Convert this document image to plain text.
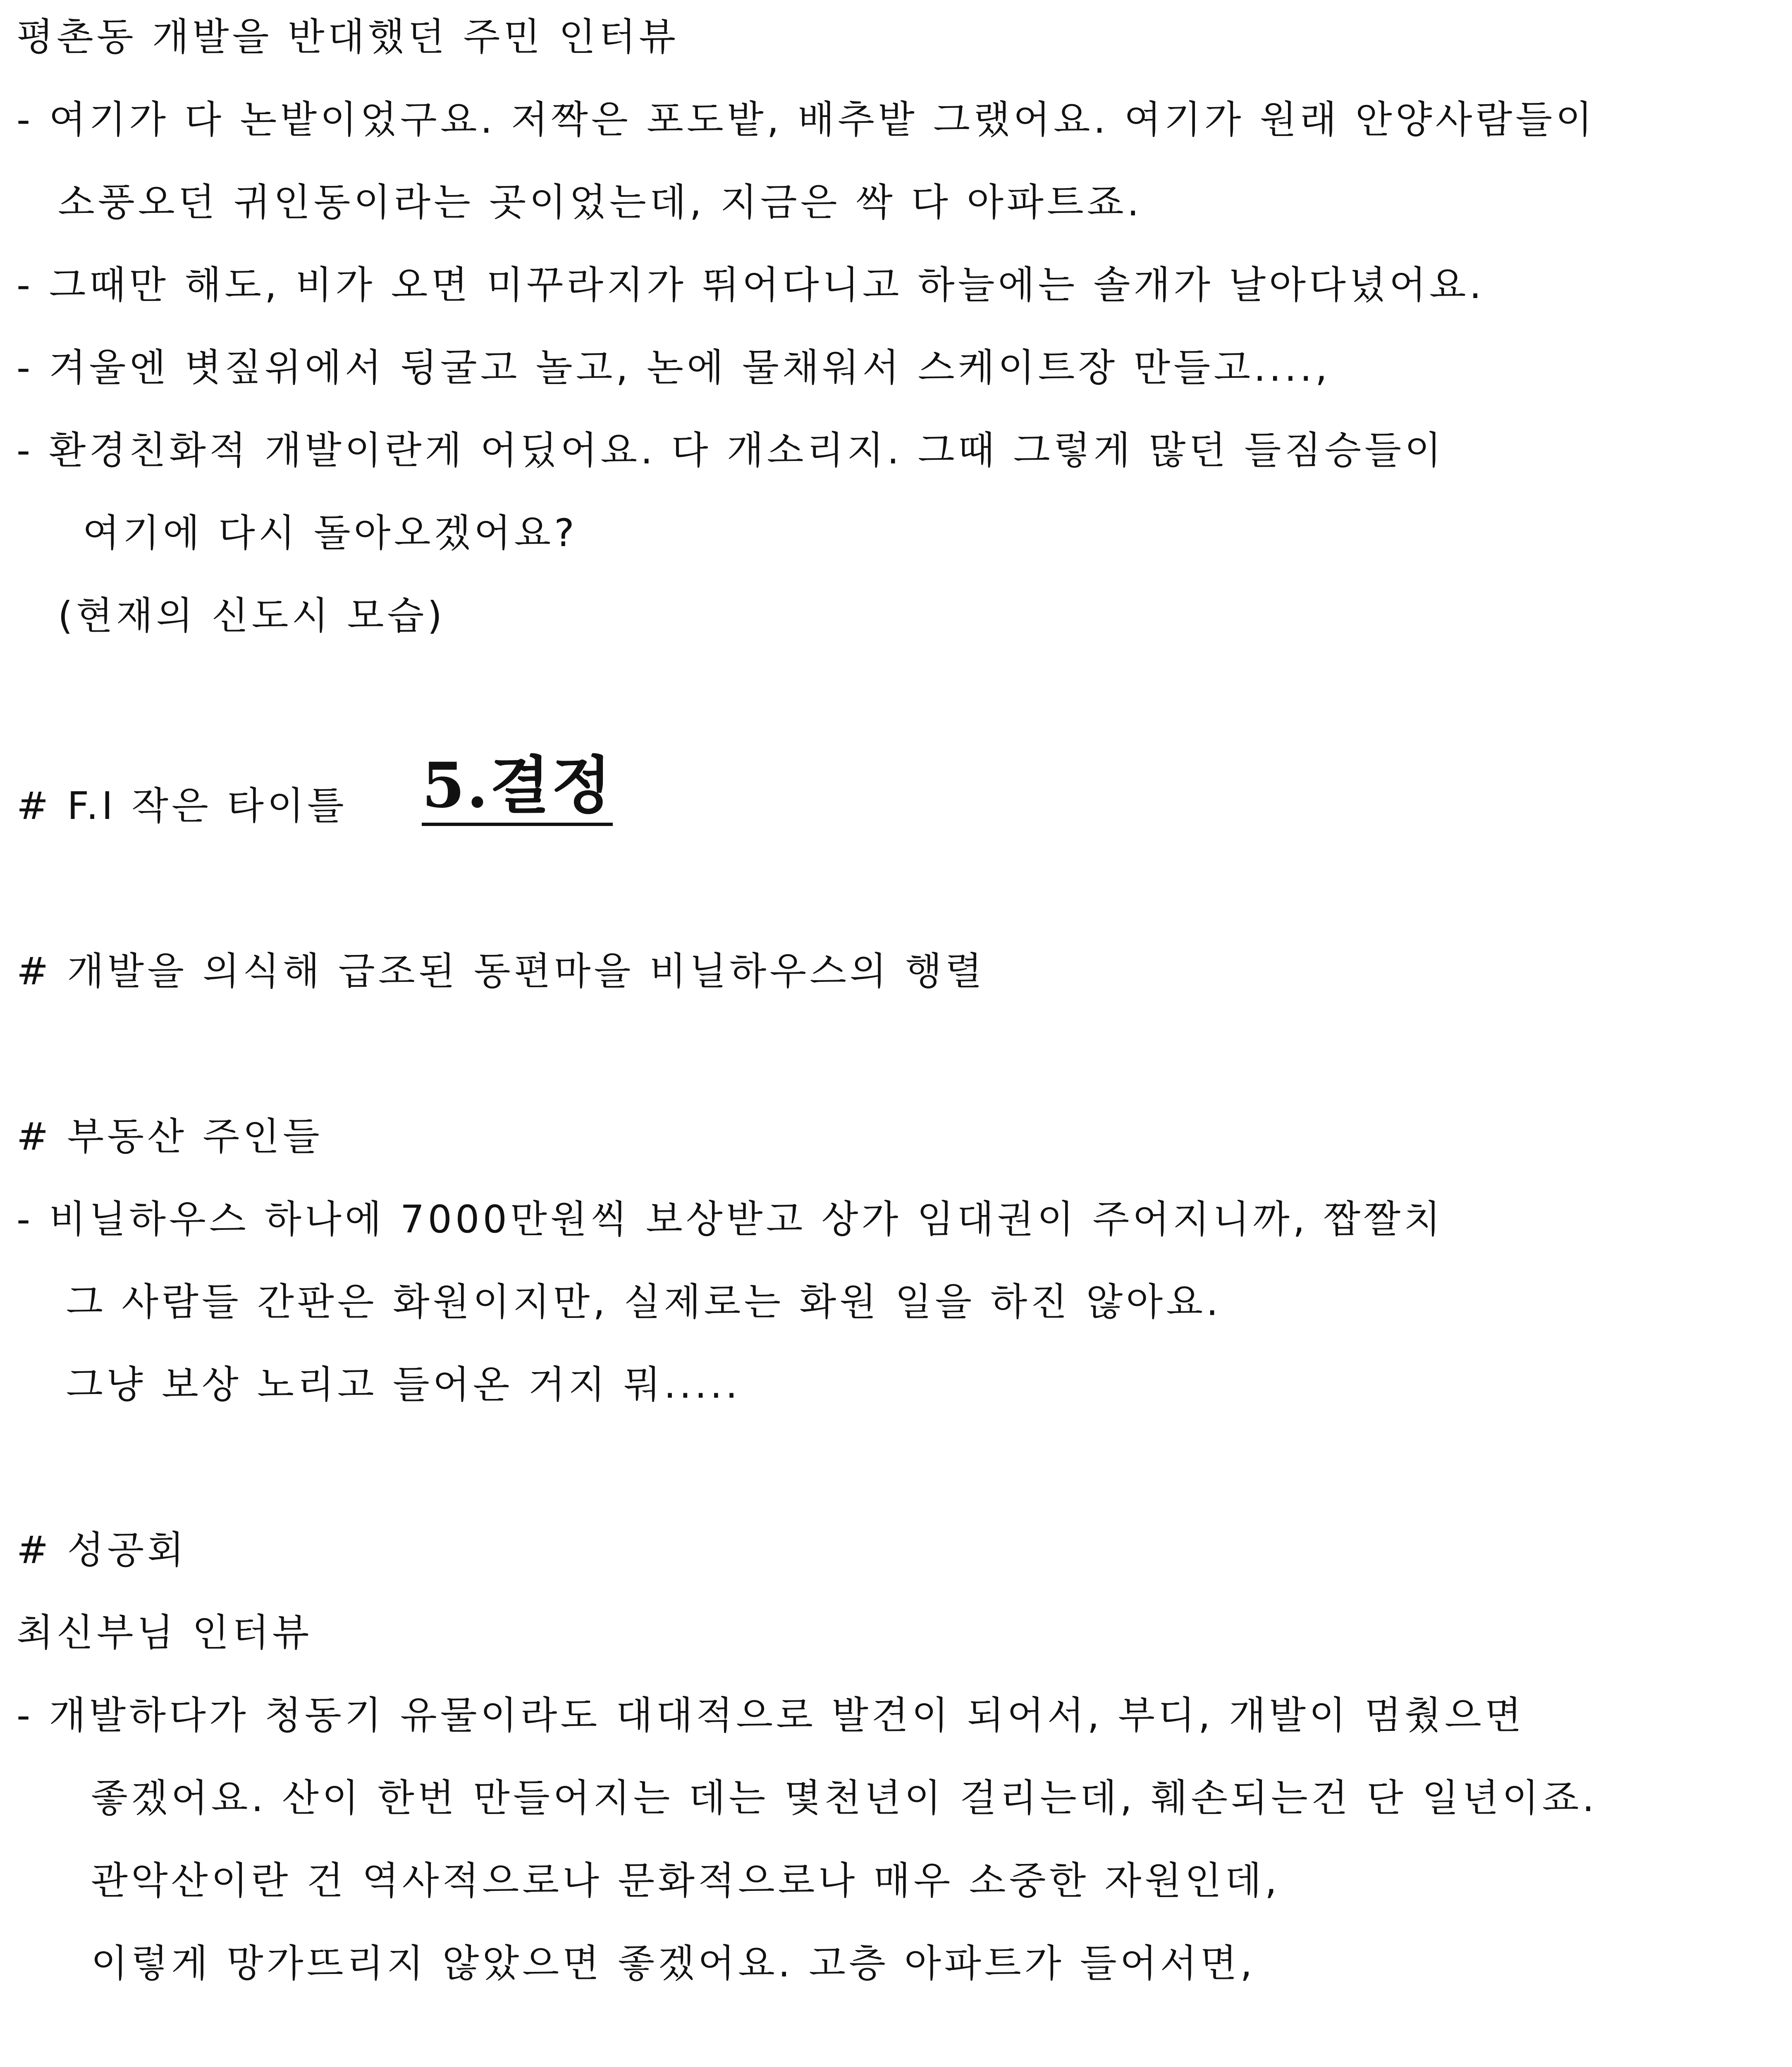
평촌동 개발을 반대했던 주민 인터뷰
- 여기가 다 논밭이었구요. 저짝은 포도밭, 배추밭 그랬어요. 여기가 원래 안양사람들이
소풍오던 귀인동이라는 곳이었는데, 지금은 싹 다 아파트죠.
- 그때만 해도, 비가 오면 미꾸라지가 뛰어다니고 하늘에는 솔개가 날아다녔어요.
- 겨울엔 볏짚위에서 뒹굴고 놀고, 논에 물채워서 스케이트장 만들고....,
- 환경친화적 개발이란게 어딨어요. 다 개소리지. 그때 그렇게 많던 들짐승들이
여기에 다시 돌아오겠어요?
(현재의 신도시 모습)
# F.I 작은 타이틀 5.결정
# 개발을 의식해 급조된 동편마을 비닐하우스의 행렬
# 부동산 주인들
- 비닐하우스 하나에 7000만원씩 보상받고 상가 임대권이 주어지니까, 짭짤치
그 사람들 간판은 화원이지만, 실제로는 화원 일을 하진 않아요.
그냥 보상 노리고 들어온 거지 뭐.....
# 성공회
최신부님 인터뷰
- 개발하다가 청동기 유물이라도 대대적으로 발견이 되어서, 부디, 개발이 멈췄으면
좋겠어요. 산이 한번 만들어지는 데는 몇천년이 걸리는데, 훼손되는건 단 일년이죠.
관악산이란 건 역사적으로나 문화적으로나 매우 소중한 자원인데,
이렇게 망가뜨리지 않았으면 좋겠어요. 고층 아파트가 들어서면,
